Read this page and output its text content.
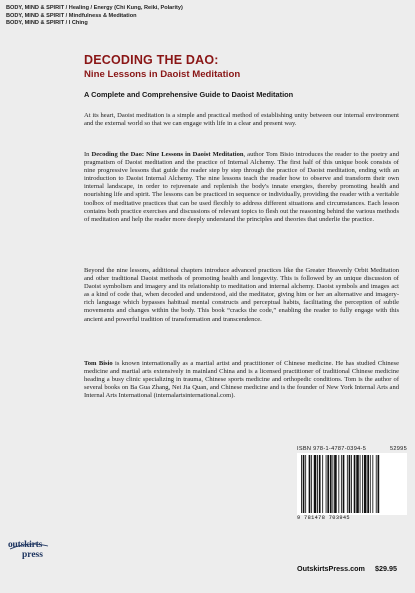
BODY, MIND & SPIRIT / Healing / Energy (Chi Kung, Reiki, Polarity)
BODY, MIND & SPIRIT / Mindfulness & Meditation
BODY, MIND & SPIRIT / I Ching
DECODING THE DAO:
Nine Lessons in Daoist Meditation
A Complete and Comprehensive Guide to Daoist Meditation

At its heart, Daoist meditation is a simple and practical method of establishing unity between our internal environment and the external world so that we can engage with life in a clear and present way.

In Decoding the Dao: Nine Lessons in Daoist Meditation, author Tom Bisio introduces the reader to the poetry and pragmatism of Daoist meditation and the practice of Internal Alchemy. The first half of this unique book consists of nine progressive lessons that guide the reader step by step through the practice of Daoist meditation, ending with an introduction to Daoist Internal Alchemy. The nine lessons teach the reader how to observe and transform their own internal landscape, in order to rejuvenate and replenish the body's innate energies, thereby promoting health and nourishing life and spirit. The lessons can be practiced in sequence or individually, providing the reader with a veritable toolbox of meditative practices that can be used flexibly to address different situations and circumstances. Each lesson contains both practice exercises and discussions of relevant topics to flesh out the reasoning behind the various methods of meditation and help the reader more deeply understand the principles and theories that underlie the practice.

Beyond the nine lessons, additional chapters introduce advanced practices like the Greater Heavenly Orbit Meditation and other traditional Daoist methods of promoting health and longevity. This is followed by an unique discussion of Daoist symbolism and imagery and its relationship to meditation and internal alchemy. Daoist symbols and images act as a kind of code that, when decoded and understood, aid the meditator, giving him or her an alternative and imagery-rich language which bypasses habitual mental constructs and perceptual habits, facilitating the perception of subtle movements and changes within the body. This book “cracks the code,” enabling the reader to fully engage with this ancient and powerful tradition of transformation and transcendence.

Tom Bisio is known internationally as a martial artist and practitioner of Chinese medicine. He has studied Chinese medicine and martial arts extensively in mainland China and is a licensed practitioner of traditional Chinese medicine heading a busy clinic specializing in trauma, Chinese sports medicine and orthopedic conditions. Tom is the author of several books on Ba Gua Zhang, Nei Jia Quan, and Chinese medicine and is the founder of New York Internal Arts and Internal Arts International (internalartsinternational.com).

outskirts
press
ISBN 978-1-4787-0394-5	52995
9 781478 703945
OutskirtsPress.com $29.95
